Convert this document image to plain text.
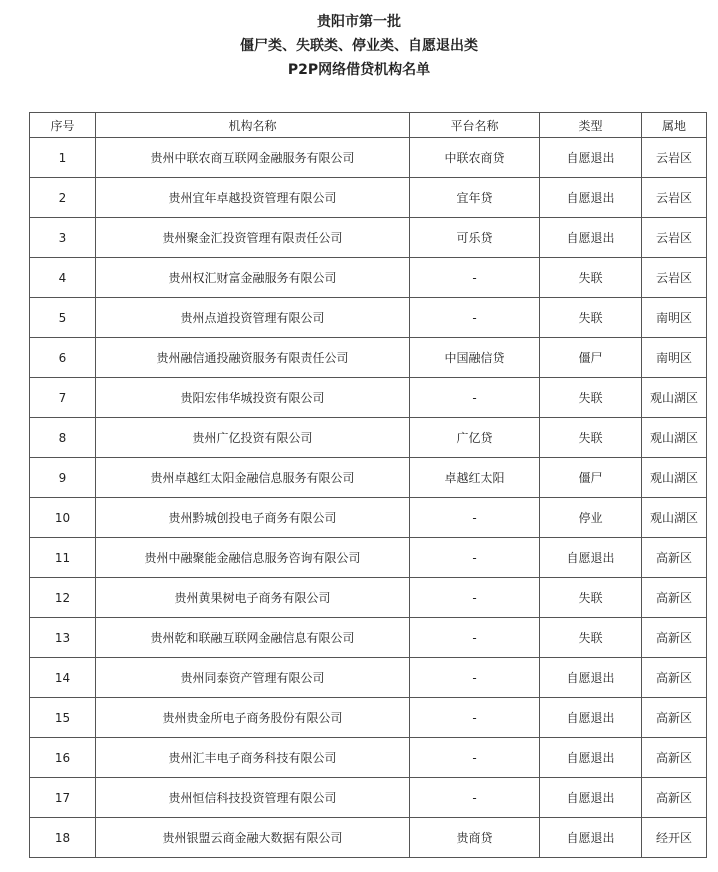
贵阳市第一批
僵尸类、失联类、停业类、自愿退出类
P2P网络借贷机构名单
序号	机构名称	平台名称	类型	属地
1	贵州中联农商互联网金融服务有限公司	中联农商贷	自愿退出	云岩区
2	贵州宜年卓越投资管理有限公司	宜年贷	自愿退出	云岩区
3	贵州聚金汇投资管理有限责任公司	可乐贷	自愿退出	云岩区
4	贵州权汇财富金融服务有限公司	-	失联	云岩区
5	贵州点道投资管理有限公司	-	失联	南明区
6	贵州融信通投融资服务有限责任公司	中国融信贷	僵尸	南明区
7	贵阳宏伟华城投资有限公司	-	失联	观山湖区
8	贵州广亿投资有限公司	广亿贷	失联	观山湖区
9	贵州卓越红太阳金融信息服务有限公司	卓越红太阳	僵尸	观山湖区
10	贵州黔城创投电子商务有限公司	-	停业	观山湖区
11	贵州中融聚能金融信息服务咨询有限公司	-	自愿退出	高新区
12	贵州黄果树电子商务有限公司	-	失联	高新区
13	贵州乾和联融互联网金融信息有限公司	-	失联	高新区
14	贵州同泰资产管理有限公司	-	自愿退出	高新区
15	贵州贵金所电子商务股份有限公司	-	自愿退出	高新区
16	贵州汇丰电子商务科技有限公司	-	自愿退出	高新区
17	贵州恒信科技投资管理有限公司	-	自愿退出	高新区
18	贵州银盟云商金融大数据有限公司	贵商贷	自愿退出	经开区
